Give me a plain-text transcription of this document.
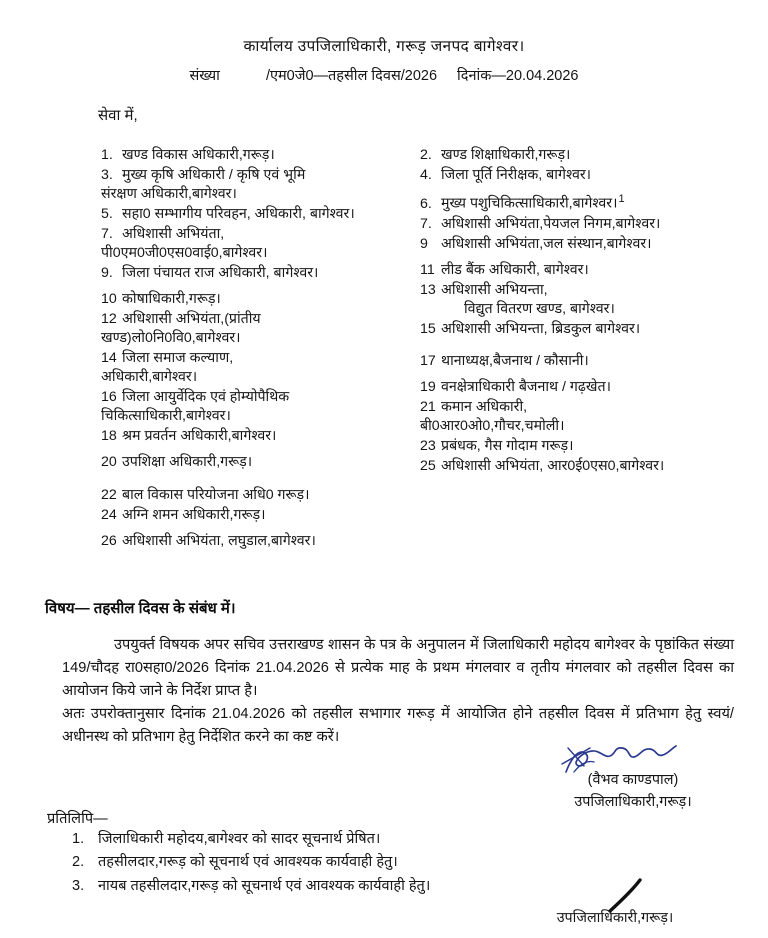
कार्यालय उपजिलाधिकारी, गरूड़ जनपद बागेश्वर।
संख्या	/एम0जे0—तहसील दिवस/2026 दिनांक—20.04.2026
सेवा में,
1. खण्ड विकास अधिकारी,गरूड़।
3. मुख्य कृषि अधिकारी / कृषि एवं भूमि
संरक्षण अधिकारी,बागेश्वर।
5. सहा0 सम्भागीय परिवहन, अधिकारी, बागेश्वर।
7. अधिशासी अभियंता,
पी0एम0जी0एस0वाई0,बागेश्वर।
9. जिला पंचायत राज अधिकारी, बागेश्वर।
10 कोषाधिकारी,गरूड़।
12 अधिशासी अभियंता,(प्रांतीय
खण्ड)लो0नि0वि0,बागेश्वर।
14 जिला समाज कल्याण,
अधिकारी,बागेश्वर।
16 जिला आयुर्वेदिक एवं होम्योपैथिक
चिकित्साधिकारी,बागेश्वर।
18 श्रम प्रवर्तन अधिकारी,बागेश्वर।
20 उपशिक्षा अधिकारी,गरूड़।
22 बाल विकास परियोजना अधि0 गरूड़।
24 अग्नि शमन अधिकारी,गरूड़।
26 अधिशासी अभियंता, लघुडाल,बागेश्वर।
2. खण्ड शिक्षाधिकारी,गरूड़।
4. जिला पूर्ति निरीक्षक, बागेश्वर।
6. मुख्य पशुचिकित्साधिकारी,बागेश्वर।$^1$
7. अधिशासी अभियंता,पेयजल निगम,बागेश्वर।
9 अधिशासी अभियंता,जल संस्थान,बागेश्वर।
11 लीड बैंक अधिकारी, बागेश्वर।
13 अधिशासी अभियन्ता,
विद्युत वितरण खण्ड, बागेश्वर।
15 अधिशासी अभियन्ता, ब्रिडकुल बागेश्वर।
17 थानाध्यक्ष,बैजनाथ / कौसानी।
19 वनक्षेत्राधिकारी बैजनाथ / गढ़खेत।
21 कमान अधिकारी,
बी0आर0ओ0,गौचर,चमोली।
23 प्रबंधक, गैस गोदाम गरूड़।
25 अधिशासी अभियंता, आर0ई0एस0,बागेश्वर।
विषय— तहसील दिवस के संबंध में।

उपयुर्क्त विषयक अपर सचिव उत्तराखण्ड शासन के पत्र के अनुपालन में जिलाधिकारी महोदय बागेश्वर के पृष्ठांकित संख्या 149/चौदह रा0सहा0/2026 दिनांक 21.04.2026 से प्रत्येक माह के प्रथम मंगलवार व तृतीय मंगलवार को तहसील दिवस का आयोजन किये जाने के निर्देश प्राप्त है।

अतः उपरोक्तानुसार दिनांक 21.04.2026 को तहसील सभागार गरूड़ में आयोजित होने तहसील दिवस में प्रतिभाग हेतु स्वयं/अधीनस्थ को प्रतिभाग हेतु निर्देशित करने का कष्ट करें।

(वैभव काण्डपाल)
उपजिलाधिकारी,गरूड़।
प्रतिलिपि—
1. जिलाधिकारी महोदय,बागेश्वर को सादर सूचनार्थ प्रेषित।
2. तहसीलदार,गरूड़ को सूचनार्थ एवं आवश्यक कार्यवाही हेतु।
3. नायब तहसीलदार,गरूड़ को सूचनार्थ एवं आवश्यक कार्यवाही हेतु।
उपजिलाधिकारी,गरूड़।
